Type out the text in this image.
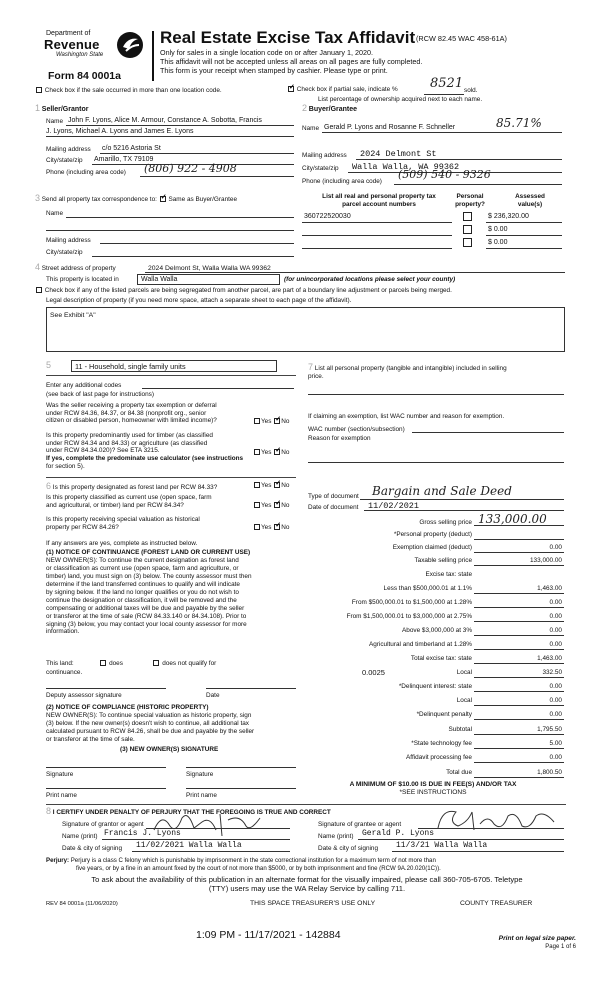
Department of
Revenue
Washington State
Form 84 0001a
Real Estate Excise Tax Affidavit (RCW 82.45 WAC 458-61A)
Only for sales in a single location code on or after January 1, 2020.
This affidavit will not be accepted unless all areas on all pages are fully completed.
This form is your receipt when stamped by cashier. Please type or print.
Check box if the sale occurred in more than one location code. ✓	Check box if partial sale, indicate % 8521 sold.
List percentage of ownership acquired next to each name.
1 Seller/Grantor
Name John F. Lyons, Alice M. Armour, Constance A. Sobotta, Francis
J. Lyons, Michael A. Lyons and James E. Lyons
Mailing address c/o 5216 Astoria St
City/state/zip Amarillo, TX 79109
Phone (including area code) (806) 922 - 4908
2 Buyer/Grantee
Name Gerald P. Lyons and Rosanne F. Schneller	85.71%
Mailing address 2024 Delmont St
City/state/zip Walla Walla, WA 99362
Phone (including area code)
(509) 540 - 9326
3 Send all property tax correspondence to: ✓ Same as Buyer/Grantee
Name
Mailing address
City/state/zip
List all real and personal property tax
parcel account numbers
Personal
property?
Assessed
value(s)
360722520030	$ 236,320.00
$ 0.00
$ 0.00
4 Street address of property	2024 Delmont St, Walla Walla WA 99362
This property is located in	Walla Walla	(for unincorporated locations please select your county)
Check box if any of the listed parcels are being segregated from another parcel, are part of a boundary line adjustment or parcels being merged.
Legal description of property (if you need more space, attach a separate sheet to each page of the affidavit).
See Exhibit "A"
5	11 - Household, single family units
Enter any additional codes
(see back of last page for instructions)
Was the seller receiving a property tax exemption or deferral
under RCW 84.36, 84.37, or 84.38 (nonprofit org., senior
citizen or disabled person, homeowner with limited income)?	Yes ✓ No
Is this property predominantly used for timber (as classified
under RCW 84.34 and 84.33) or agriculture (as classified
under RCW 84.34.020)? See ETA 3215.
If yes, complete the predominate use calculator (see instructions
for section 5).
Yes ✓ No
6 Is this property designated as forest land per RCW 84.33?	Yes ✓ No
Is this property classified as current use (open space, farm
and agricultural, or timber) land per RCW 84.34?	Yes ✓ No
Is this property receiving special valuation as historical
property per RCW 84.26?	Yes ✓ No
If any answers are yes, complete as instructed below.
(1) NOTICE OF CONTINUANCE (FOREST LAND OR CURRENT USE)
NEW OWNER(S): To continue the current designation as forest land
or classification as current use (open space, farm and agriculture, or
timber) land, you must sign on (3) below. The county assessor must then
determine if the land transferred continues to qualify and will indicate
by signing below. If the land no longer qualifies or you do not wish to
continue the designation or classification, it will be removed and the
compensating or additional taxes will be due and payable by the seller
or transferor at the time of sale (RCW 84.33.140 or 84.34.108). Prior to
signing (3) below, you may contact your local county assessor for more
information.
This land:	does	does not qualify for
continuance.
Deputy assessor signature	Date
(2) NOTICE OF COMPLIANCE (HISTORIC PROPERTY)
NEW OWNER(S): To continue special valuation as historic property, sign
(3) below. If the new owner(s) doesn't wish to continue, all additional tax
calculated pursuant to RCW 84.26, shall be due and payable by the seller
or transferor at the time of sale.
(3) NEW OWNER(S) SIGNATURE
Signature	Signature
Print name	Print name
7 List all personal property (tangible and intangible) included in selling
price.
If claiming an exemption, list WAC number and reason for exemption.
WAC number (section/subsection)
Reason for exemption
Type of document Bargain and Sale Deed
Date of document 11/02/2021
Gross selling price 133,000.00
*Personal property (deduct)
Exemption claimed (deduct)	0.00
Taxable selling price	133,000.00
Excise tax: state
Less than $500,000.01 at 1.1%	1,463.00
From $500,000.01 to $1,500,000 at 1.28%	0.00
From $1,500,000.01 to $3,000,000 at 2.75%	0.00
Above $3,000,000 at 3%	0.00
Agricultural and timberland at 1.28%	0.00
Total excise tax: state	1,463.00
0.0025	Local	332.50
*Delinquent interest: state	0.00
Local	0.00
*Delinquent penalty	0.00
Subtotal	1,795.50
*State technology fee	5.00
Affidavit processing fee	0.00
Total due	1,800.50
A MINIMUM OF $10.00 IS DUE IN FEE(S) AND/OR TAX
*SEE INSTRUCTIONS
8 I CERTIFY UNDER PENALTY OF PERJURY THAT THE FOREGOING IS TRUE AND CORRECT
Signature of grantor or agent
Name (print) Francis J. Lyons
Date & city of signing 11/02/2021 Walla Walla
Signature of grantee or agent
Name (print) Gerald P. Lyons
Date & city of signing 11/3/21 Walla Walla
Perjury: Perjury is a class C felony which is punishable by imprisonment in the state correctional institution for a maximum term of not more than
five years, or by a fine in an amount fixed by the court of not more than $5000, or by both imprisonment and fine (RCW 9A.20.020(1C)).
To ask about the availability of this publication in an alternate format for the visually impaired, please call 360-705-6705. Teletype
(TTY) users may use the WA Relay Service by calling 711.
REV 84 0001a (11/06/2020)	THIS SPACE TREASURER'S USE ONLY	COUNTY TREASURER
1:09 PM - 11/17/2021 - 142884	Print on legal size paper.
Page 1 of 6
